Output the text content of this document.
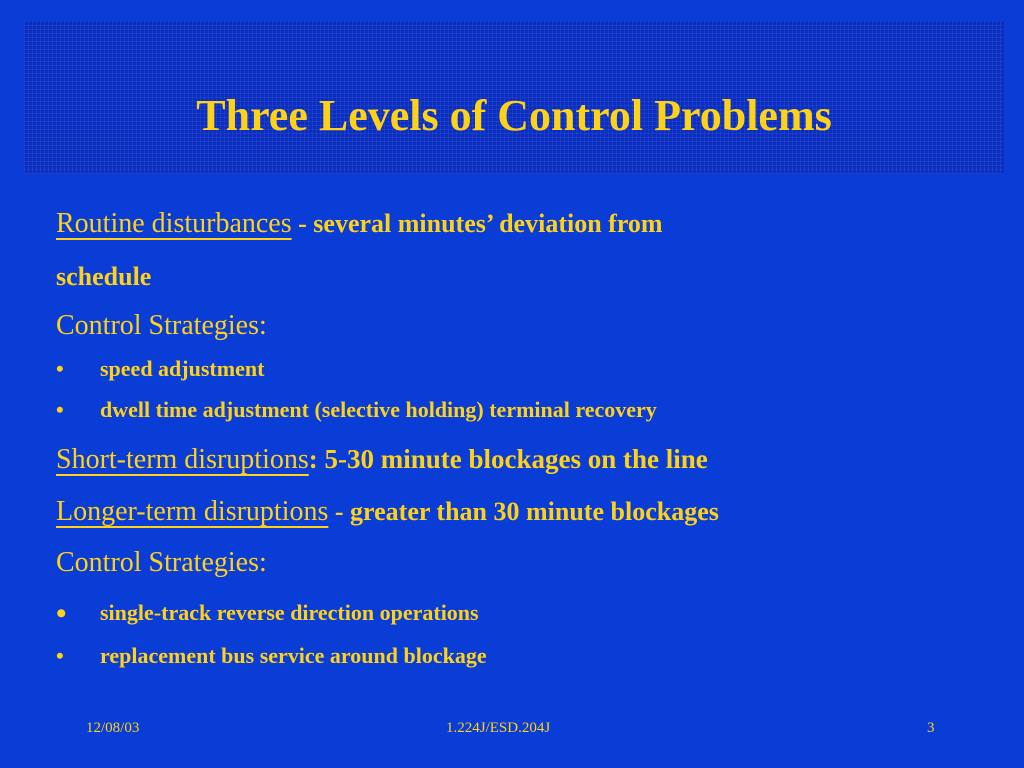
Three Levels of Control Problems
Routine disturbances - several minutes’ deviation from
schedule
Control Strategies:
• speed adjustment
• dwell time adjustment (selective holding) terminal recovery
Short-term disruptions: 5-30 minute blockages on the line
Longer-term disruptions - greater than 30 minute blockages
Control Strategies:
• single-track reverse direction operations
• replacement bus service around blockage
12/08/03	1.224J/ESD.204J	3
